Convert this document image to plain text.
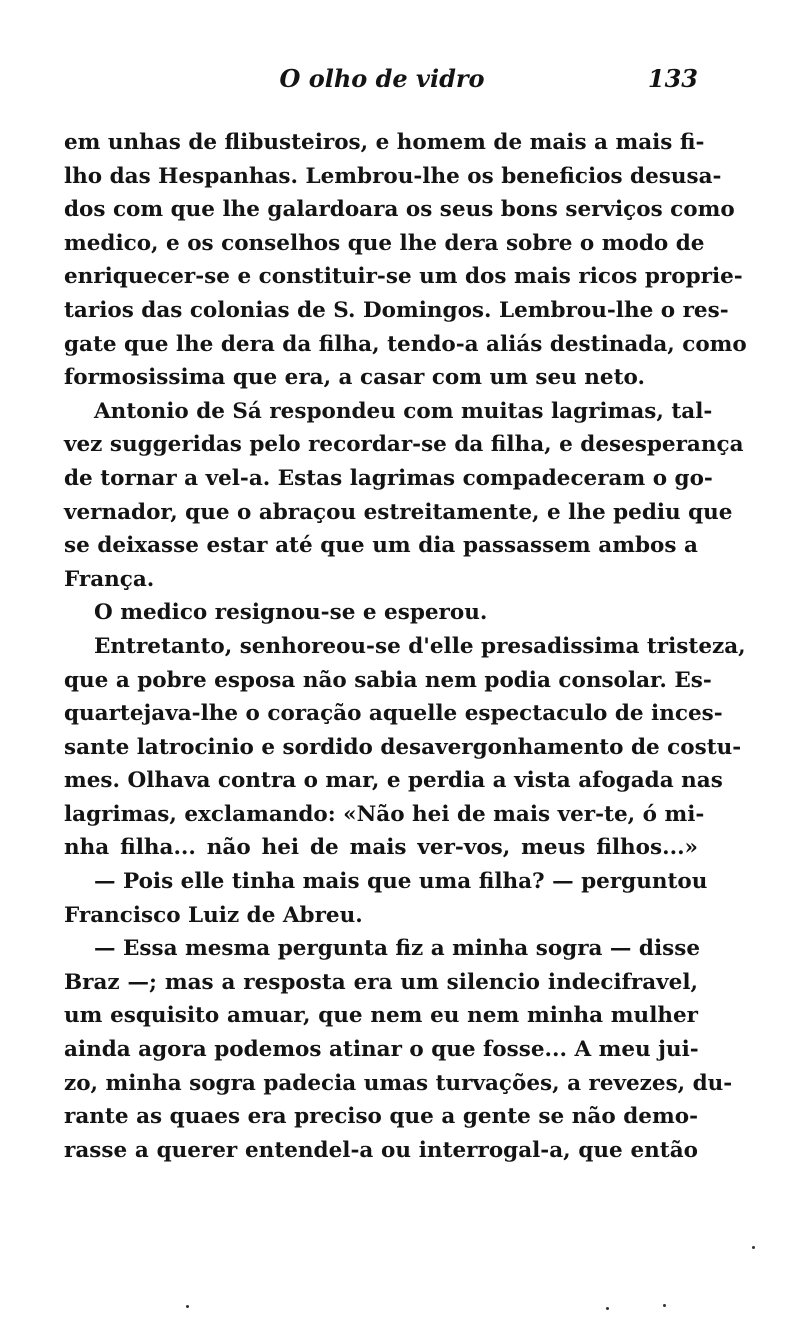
O olho de vidro	133
em unhas de flibusteiros, e homem de mais a mais fi-
lho das Hespanhas. Lembrou-lhe os beneficios desusa-
dos com que lhe galardoara os seus bons serviços como
medico, e os conselhos que lhe dera sobre o modo de
enriquecer-se e constituir-se um dos mais ricos proprie-
tarios das colonias de S. Domingos. Lembrou-lhe o res-
gate que lhe dera da filha, tendo-a aliás destinada, como
formosissima que era, a casar com um seu neto.
Antonio de Sá respondeu com muitas lagrimas, tal-
vez suggeridas pelo recordar-se da filha, e desesperança
de tornar a vel-a. Estas lagrimas compadeceram o go-
vernador, que o abraçou estreitamente, e lhe pediu que
se deixasse estar até que um dia passassem ambos a
França.
O medico resignou-se e esperou.
Entretanto, senhoreou-se d'elle presadissima tristeza,
que a pobre esposa não sabia nem podia consolar. Es-
quartejava-lhe o coração aquelle espectaculo de inces-
sante latrocinio e sordido desavergonhamento de costu-
mes. Olhava contra o mar, e perdia a vista afogada nas
lagrimas, exclamando: «Não hei de mais ver-te, ó mi-
nha filha... não hei de mais ver-vos, meus filhos...»
— Pois elle tinha mais que uma filha? — perguntou
Francisco Luiz de Abreu.
— Essa mesma pergunta fiz a minha sogra — disse
Braz —; mas a resposta era um silencio indecifravel,
um esquisito amuar, que nem eu nem minha mulher
ainda agora podemos atinar o que fosse... A meu jui-
zo, minha sogra padecia umas turvações, a revezes, du-
rante as quaes era preciso que a gente se não demo-
rasse a querer entendel-a ou interrogal-a, que então
